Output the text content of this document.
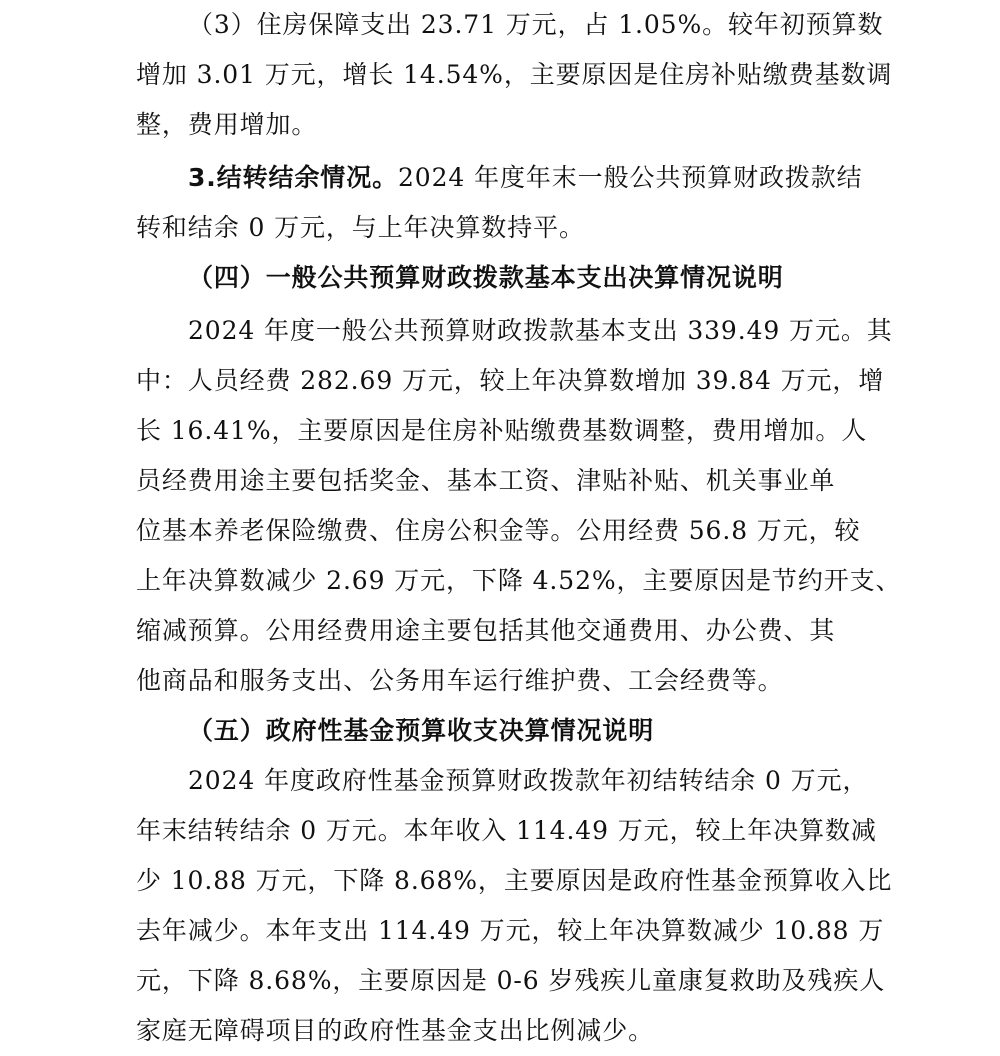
（3）住房保障支出 23.71 万元，占 1.05%。较年初预算数
增加 3.01 万元，增长 14.54%，主要原因是住房补贴缴费基数调
整，费用增加。
3.结转结余情况。2024 年度年末一般公共预算财政拨款结
转和结余 0 万元，与上年决算数持平。
（四）一般公共预算财政拨款基本支出决算情况说明
2024 年度一般公共预算财政拨款基本支出 339.49 万元。其
中：人员经费 282.69 万元，较上年决算数增加 39.84 万元，增
长 16.41%，主要原因是住房补贴缴费基数调整，费用增加。人
员经费用途主要包括奖金、基本工资、津贴补贴、机关事业单
位基本养老保险缴费、住房公积金等。公用经费 56.8 万元，较
上年决算数减少 2.69 万元，下降 4.52%，主要原因是节约开支、
缩减预算。公用经费用途主要包括其他交通费用、办公费、其
他商品和服务支出、公务用车运行维护费、工会经费等。
（五）政府性基金预算收支决算情况说明
2024 年度政府性基金预算财政拨款年初结转结余 0 万元，
年末结转结余 0 万元。本年收入 114.49 万元，较上年决算数减
少 10.88 万元，下降 8.68%，主要原因是政府性基金预算收入比
去年减少。本年支出 114.49 万元，较上年决算数减少 10.88 万
元，下降 8.68%，主要原因是 0-6 岁残疾儿童康复救助及残疾人
家庭无障碍项目的政府性基金支出比例减少。
